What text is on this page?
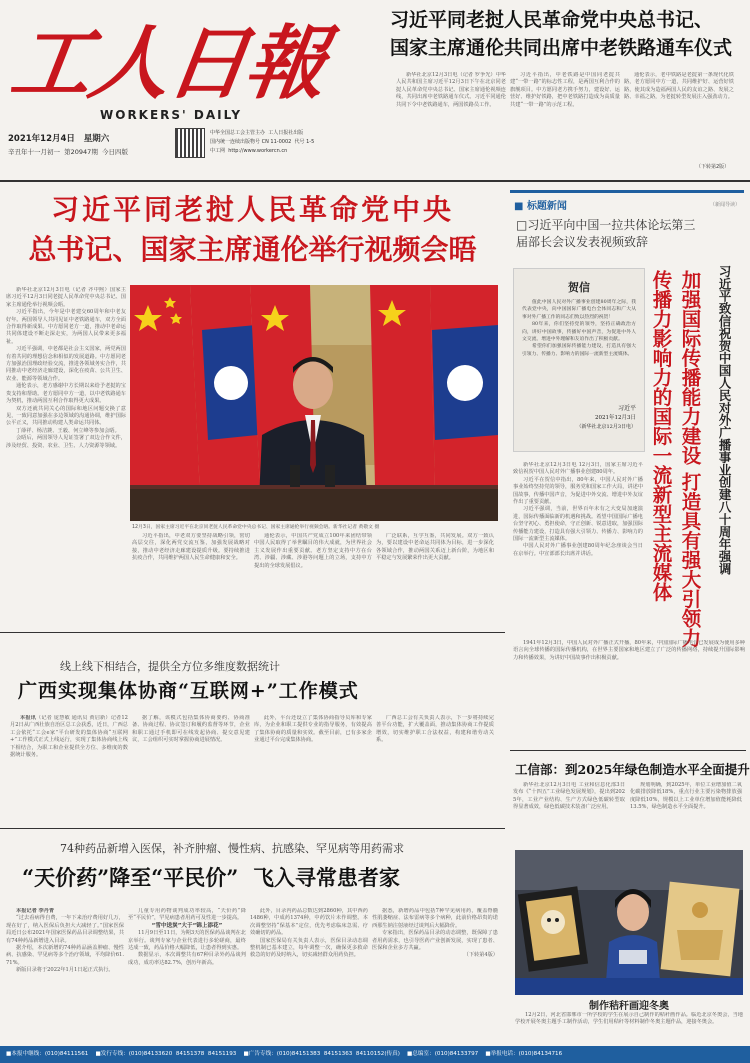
工人日報
WORKERS' DAILY
2021年12月4日 星期六
辛丑年十一月初一 第20947期 今日四版
中华全国总工会主管主办 工人日报社出版
国内统一连续出版物号 CN 11-0002 代号 1-5
中工网 http://www.workercn.cn
习近平同老挝人民革命党中央总书记、
国家主席通伦共同出席中老铁路通车仪式

新华社北京12月3日电（记者 罗争光）中华人民共和国主席习近平12月3日下午在北京同老挝人民革命党中央总书记、国家主席通伦视频连线，共同出席中老铁路通车仪式。习近平同通伦共同下令中老铁路通车，两国铁路员工作。

习近平指出，中老铁路是中国同老挝共建“一带一路”的标志性工程，是两国互利合作的旗舰项目。中方愿同老方携手努力，建设好、运营好、维护好铁路，把中老铁路打造成为高质量共建“一带一路”的示范工程。

通伦表示，老中铁路是老挝第一条现代化铁路，老方愿同中方一道，共同维护好、运营好铁路，使其成为造福两国人民的友谊之路、发展之路、幸福之路，为老挝转型发展注入强劲动力。

（下转第2版）
习近平同老挝人民革命党中央
总书记、国家主席通伦举行视频会晤

新华社北京12月3日电（记者 齐中熙）国家主席习近平12月3日同老挝人民革命党中央总书记、国家主席通伦举行视频会晤。

习近平指出，今年是中老建交60周年和中老友好年。两国领导人共同见证中老铁路通车，双方全面合作取得新成果。中方愿同老方一道，推动中老命运共同体建设不断走深走实，为两国人民带来更多福祉。

习近平强调，中老都是社会主义国家，两党两国有着共同的理想信念和相似的发展道路。中方愿同老方加强治国理政经验交流，推进各领域务实合作，共同推动中老经济走廊建设，深化在疫苗、公共卫生、农业、能源等领域合作。

通伦表示，老方感谢中方长期以来给予老挝的宝贵支持和帮助。老方愿同中方一道，以中老铁路通车为契机，推动两国互利合作取得更大成果。

双方还就共同关心的国际和地区问题交换了意见，一致同意加强在多边领域的沟通协调，维护国际公平正义，共同推动构建人类命运共同体。

丁薛祥、杨洁篪、王毅、何立峰等参加会晤。

会晤后，两国领导人见证签署了双边合作文件，涉及经贸、投资、农业、卫生、人力资源等领域。

12月3日，国家主席习近平在北京同老挝人民革命党中央总书记、国家主席通伦举行视频会晤。新华社记者 黄敬文 摄

习近平指出，中老双方要坚持战略引领，密切高层交往，深化两党交流互鉴，加强发展战略对接，推动中老经济走廊建设提质升级。要持续推进抗疫合作，共同维护两国人民生命健康和安全。

通伦表示，中国共产党成立100年来团结带领中国人民取得了举世瞩目的伟大成就，为世界社会主义发展作出重要贡献。老方坚定支持中方在台湾、涉疆、涉藏、涉港等问题上的立场，支持中方提出的全球发展倡议。

广泛联系，互学互鉴，共同发展。双方一致认为，要以建设中老命运共同体为目标，进一步深化各领域合作，推动两国关系迈上新台阶，为地区和平稳定与发展繁荣作出更大贡献。

■ 标题新闻	（新闻导读）
□习近平向中国一拉共体论坛第三届部长会议发表视频致辞
贺信

值此中国人民对外广播事业创建80周年之际，我代表党中央，向中国国际广播电台全体同志和广大从事对外广播工作的同志们致以热烈的祝贺！

80年来，你们坚持党的领导，坚持正确政治方向，讲好中国故事，传播好中国声音，为促进中外人文交流、增进中外理解和友谊作出了积极贡献。

希望你们加强国际传播能力建设，打造具有强大引领力、传播力、影响力的国际一流新型主流媒体。

习近平
2021年12月3日
（新华社北京12月3日电） 传播力影响力的国际一流新型主流媒体 加强国际传播能力建设 打造具有强大引领力 习近平致信祝贺中国人民对外广播事业创建八十周年强调

新华社北京12月3日电 12月3日，国家主席习近平致信祝贺中国人民对外广播事业创建80周年。

习近平在贺信中指出，80年来，中国人民对外广播事业始终坚持党的领导，服务党和国家工作大局，讲述中国故事，传播中国声音，为促进中外交流、增进中外友谊作出了重要贡献。

习近平强调，当前，世界百年未有之大变局加速演进，国际传播面临新的机遇和挑战。希望中国国际广播电台坚守初心、勇担使命，守正创新、锐意进取，加强国际传播能力建设，打造具有强大引领力、传播力、影响力的国际一流新型主流媒体。

中国人民对外广播事业创建80周年纪念座谈会当日在京举行。中宣部部长出席并讲话。

1941年12月3日，中国人民对外广播正式开播，80年来，中国国际广播电台已发展成为使用多种语言向全球传播的国际传播机构，在世界主要国家和地区建立了广泛的传播网络，持续提升国际影响力和传播效果，为讲好中国故事作出积极贡献。

线上线下相结合，提供全方位多维度数据统计
广西实现集体协商“互联网+”工作模式

本报讯（记者 庞慧敏 通讯员 黄启新）记者12月2日从广西壮族自治区总工会获悉，近日，广西总工会依托“工会e家”平台研发的集体协商“互联网+”工作模式正式上线运行，实现了集体协商线上线下相结合，为职工和企业提供全方位、多维度的数据统计服务。

据了解，该模式包括集体协商要约、协商准备、协商过程、协议签订和履约监督等环节，企业和职工通过手机即可在线发起协商、提交意见建议，工会组织可实时掌握协商进展情况。

此外，平台还设立了集体协商指导员库和专家库，为企业和职工提供专业的指导服务，有效提高了集体协商的质量和实效。截至目前，已有多家企业通过平台完成集体协商。

广西总工会有关负责人表示，下一步将持续完善平台功能，扩大覆盖面，推动集体协商工作提质增效，切实维护职工合法权益，构建和谐劳动关系。

工信部：到2025年绿色制造水平全面提升

新华社北京12月3日电 工业和信息化部3日发布《“十四五”工业绿色发展规划》，提出到2025年，工业产业结构、生产方式绿色低碳转型取得显著成效，绿色低碳技术装备广泛应用。

规划明确，到2025年，单位工业增加值二氧化碳排放降低18%，重点行业主要污染物排放强度降低10%，规模以上工业单位增加值能耗降低13.5%，绿色制造水平全面提升。

制作秸秆画迎冬奥

12月2日，河北省邯郸市一所学校的学生在展示自己制作的秸秆画作品。临近北京冬奥会，当地学校开展冬奥主题手工制作活动，学生们用秸秆等材料制作冬奥主题作品，迎接冬奥会。

74种药品新增入医保，补齐肿瘤、慢性病、抗感染、罕见病等用药需求
“天价药”降至“平民价”  飞入寻常患者家

本报记者 李丹青

“过去看病得自费，一年下来治疗费用好几万，现在好了，纳入医保后负担大大减轻了。”国家医保局近日公布2021年国家医保药品目录调整结果，共有74种药品新增进入目录。

据介绍，本次新增的74种药品涵盖肿瘤、慢性病、抗感染、罕见病等多个治疗领域，平均降价61.71%。

新版目录将于2022年1月1日起正式执行。

儿童专用药物谈判成功率较高，“天价药”降至“平民价”，罕见病患者用药可及性进一步提高。

“雪中送炭”大于“锦上添花”

11月9日至11日，为期3天的医保药品谈判在北京举行。谈判专家与企业代表进行多轮磋商，最终达成一致，药品价格大幅降低，让患者得到实惠。

数据显示，本次调整共有67种目录外药品谈判成功，成功率达82.7%，创历年新高。

此外，目录内药品总数达到2860种，其中西药1486种，中成药1374种，中药饮片未作调整。本次调整坚持“保基本”定位，优先考虑临床急需、疗效确切的药品。

国家医保局有关负责人表示，医保目录动态调整机制已基本建立，每年调整一次，确保更多救命救急的好药及时纳入，切实减轻群众用药负担。

据悉，新增药品中包括7种罕见病用药，覆盖脊髓性肌萎缩症、法布雷病等多个病种，此前价格昂贵的诺西那生钠注射液经过谈判后大幅降价。

专家指出，医保药品目录的动态调整，既保障了患者用药需求，也引导医药产业创新发展，实现了患者、医保和企业多方共赢。

（下转第4版）

■本报中继线：(010)84111561 ■发行专线：(010)84133620 84151378 84151193 ■广告专线：(010)84151383 84151363 84110152(传真) ■总编室：(010)84133797 ■举报电话：(010)84134716
